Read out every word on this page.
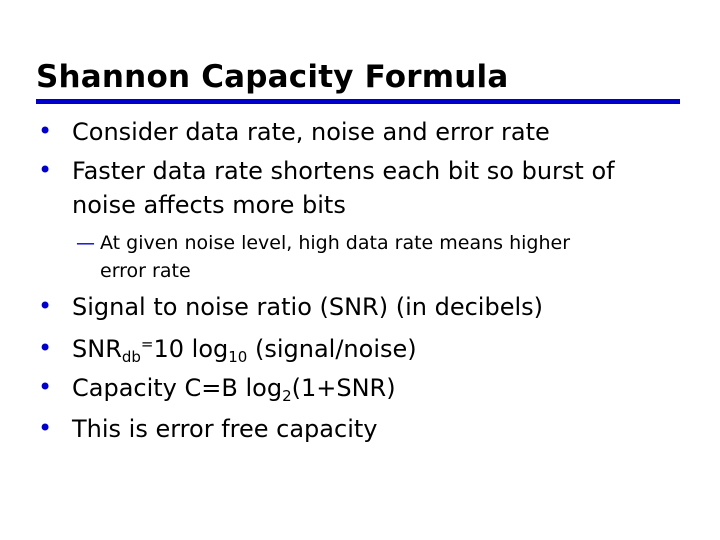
Shannon Capacity Formula
• Consider data rate, noise and error rate
• Faster data rate shortens each bit so burst of
noise affects more bits
— At given noise level, high data rate means higher
error rate
• Signal to noise ratio (SNR) (in decibels)
• $SNR_{db}^=10$ $\log_{10}$ (signal/noise)
• Capacity C=B $\log_2(1+SNR)$
• This is error free capacity
